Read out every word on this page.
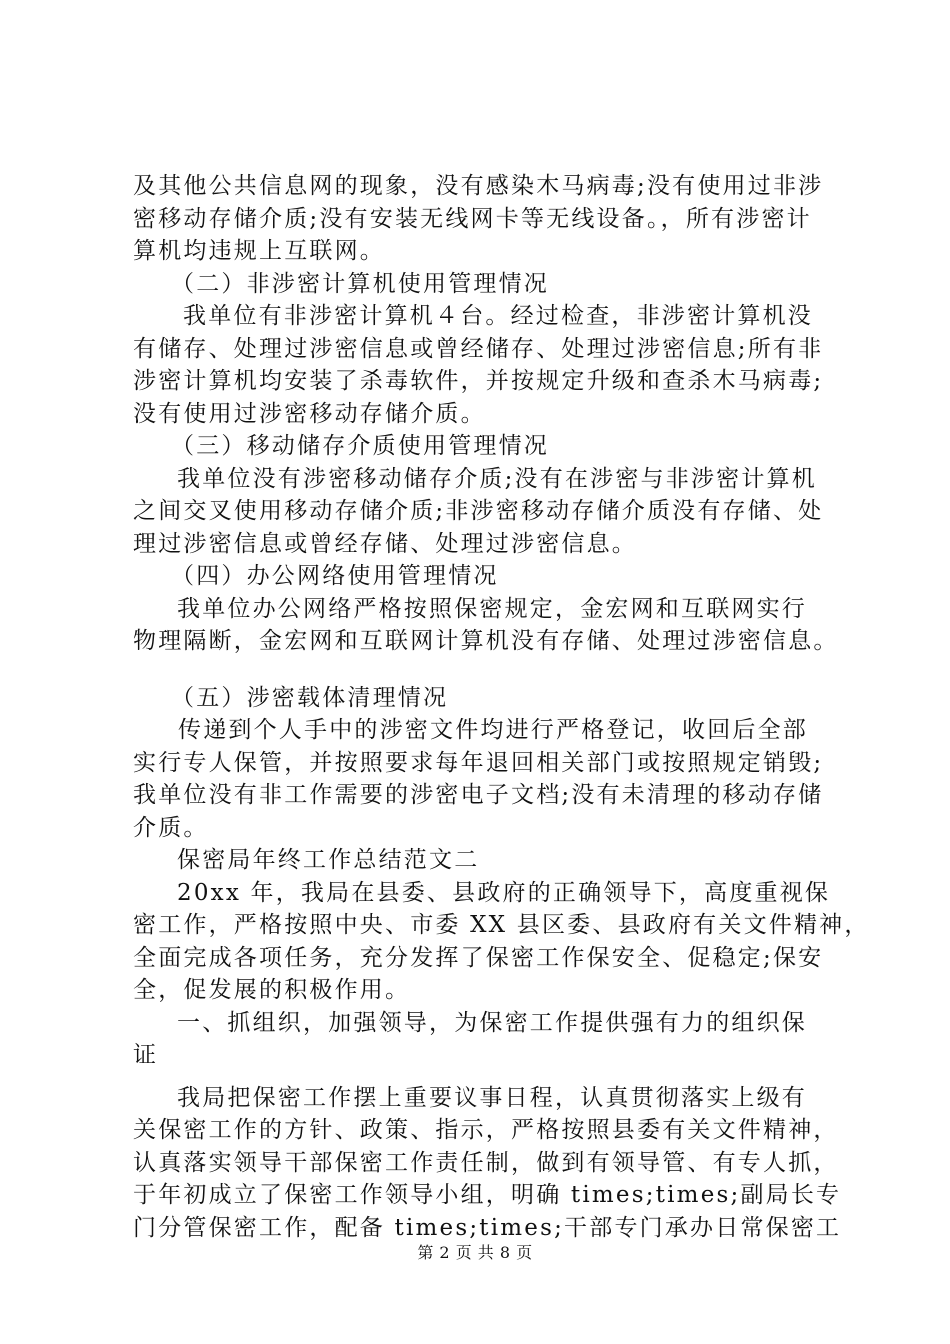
及其他公共信息网的现象，没有感染木马病毒;没有使用过非涉
密移动存储介质;没有安装无线网卡等无线设备。，所有涉密计
算机均违规上互联网。
（二）非涉密计算机使用管理情况
我单位有非涉密计算机４台。经过检查，非涉密计算机没
有储存、处理过涉密信息或曾经储存、处理过涉密信息;所有非
涉密计算机均安装了杀毒软件，并按规定升级和查杀木马病毒;
没有使用过涉密移动存储介质。
（三）移动储存介质使用管理情况
我单位没有涉密移动储存介质;没有在涉密与非涉密计算机
之间交叉使用移动存储介质;非涉密移动存储介质没有存储、处
理过涉密信息或曾经存储、处理过涉密信息。
（四）办公网络使用管理情况
我单位办公网络严格按照保密规定，金宏网和互联网实行
物理隔断，金宏网和互联网计算机没有存储、处理过涉密信息。
（五）涉密载体清理情况
传递到个人手中的涉密文件均进行严格登记，收回后全部
实行专人保管，并按照要求每年退回相关部门或按照规定销毁;
我单位没有非工作需要的涉密电子文档;没有未清理的移动存储
介质。
保密局年终工作总结范文二
20xx 年，我局在县委、县政府的正确领导下，高度重视保
密工作，严格按照中央、市委 XX 县区委、县政府有关文件精神，
全面完成各项任务，充分发挥了保密工作保安全、促稳定;保安
全，促发展的积极作用。
一、抓组织，加强领导，为保密工作提供强有力的组织保
证
我局把保密工作摆上重要议事日程，认真贯彻落实上级有
关保密工作的方针、政策、指示，严格按照县委有关文件精神，
认真落实领导干部保密工作责任制，做到有领导管、有专人抓，
于年初成立了保密工作领导小组，明确 times;times;副局长专
门分管保密工作，配备 times;times;干部专门承办日常保密工
第 2 页 共 8 页
